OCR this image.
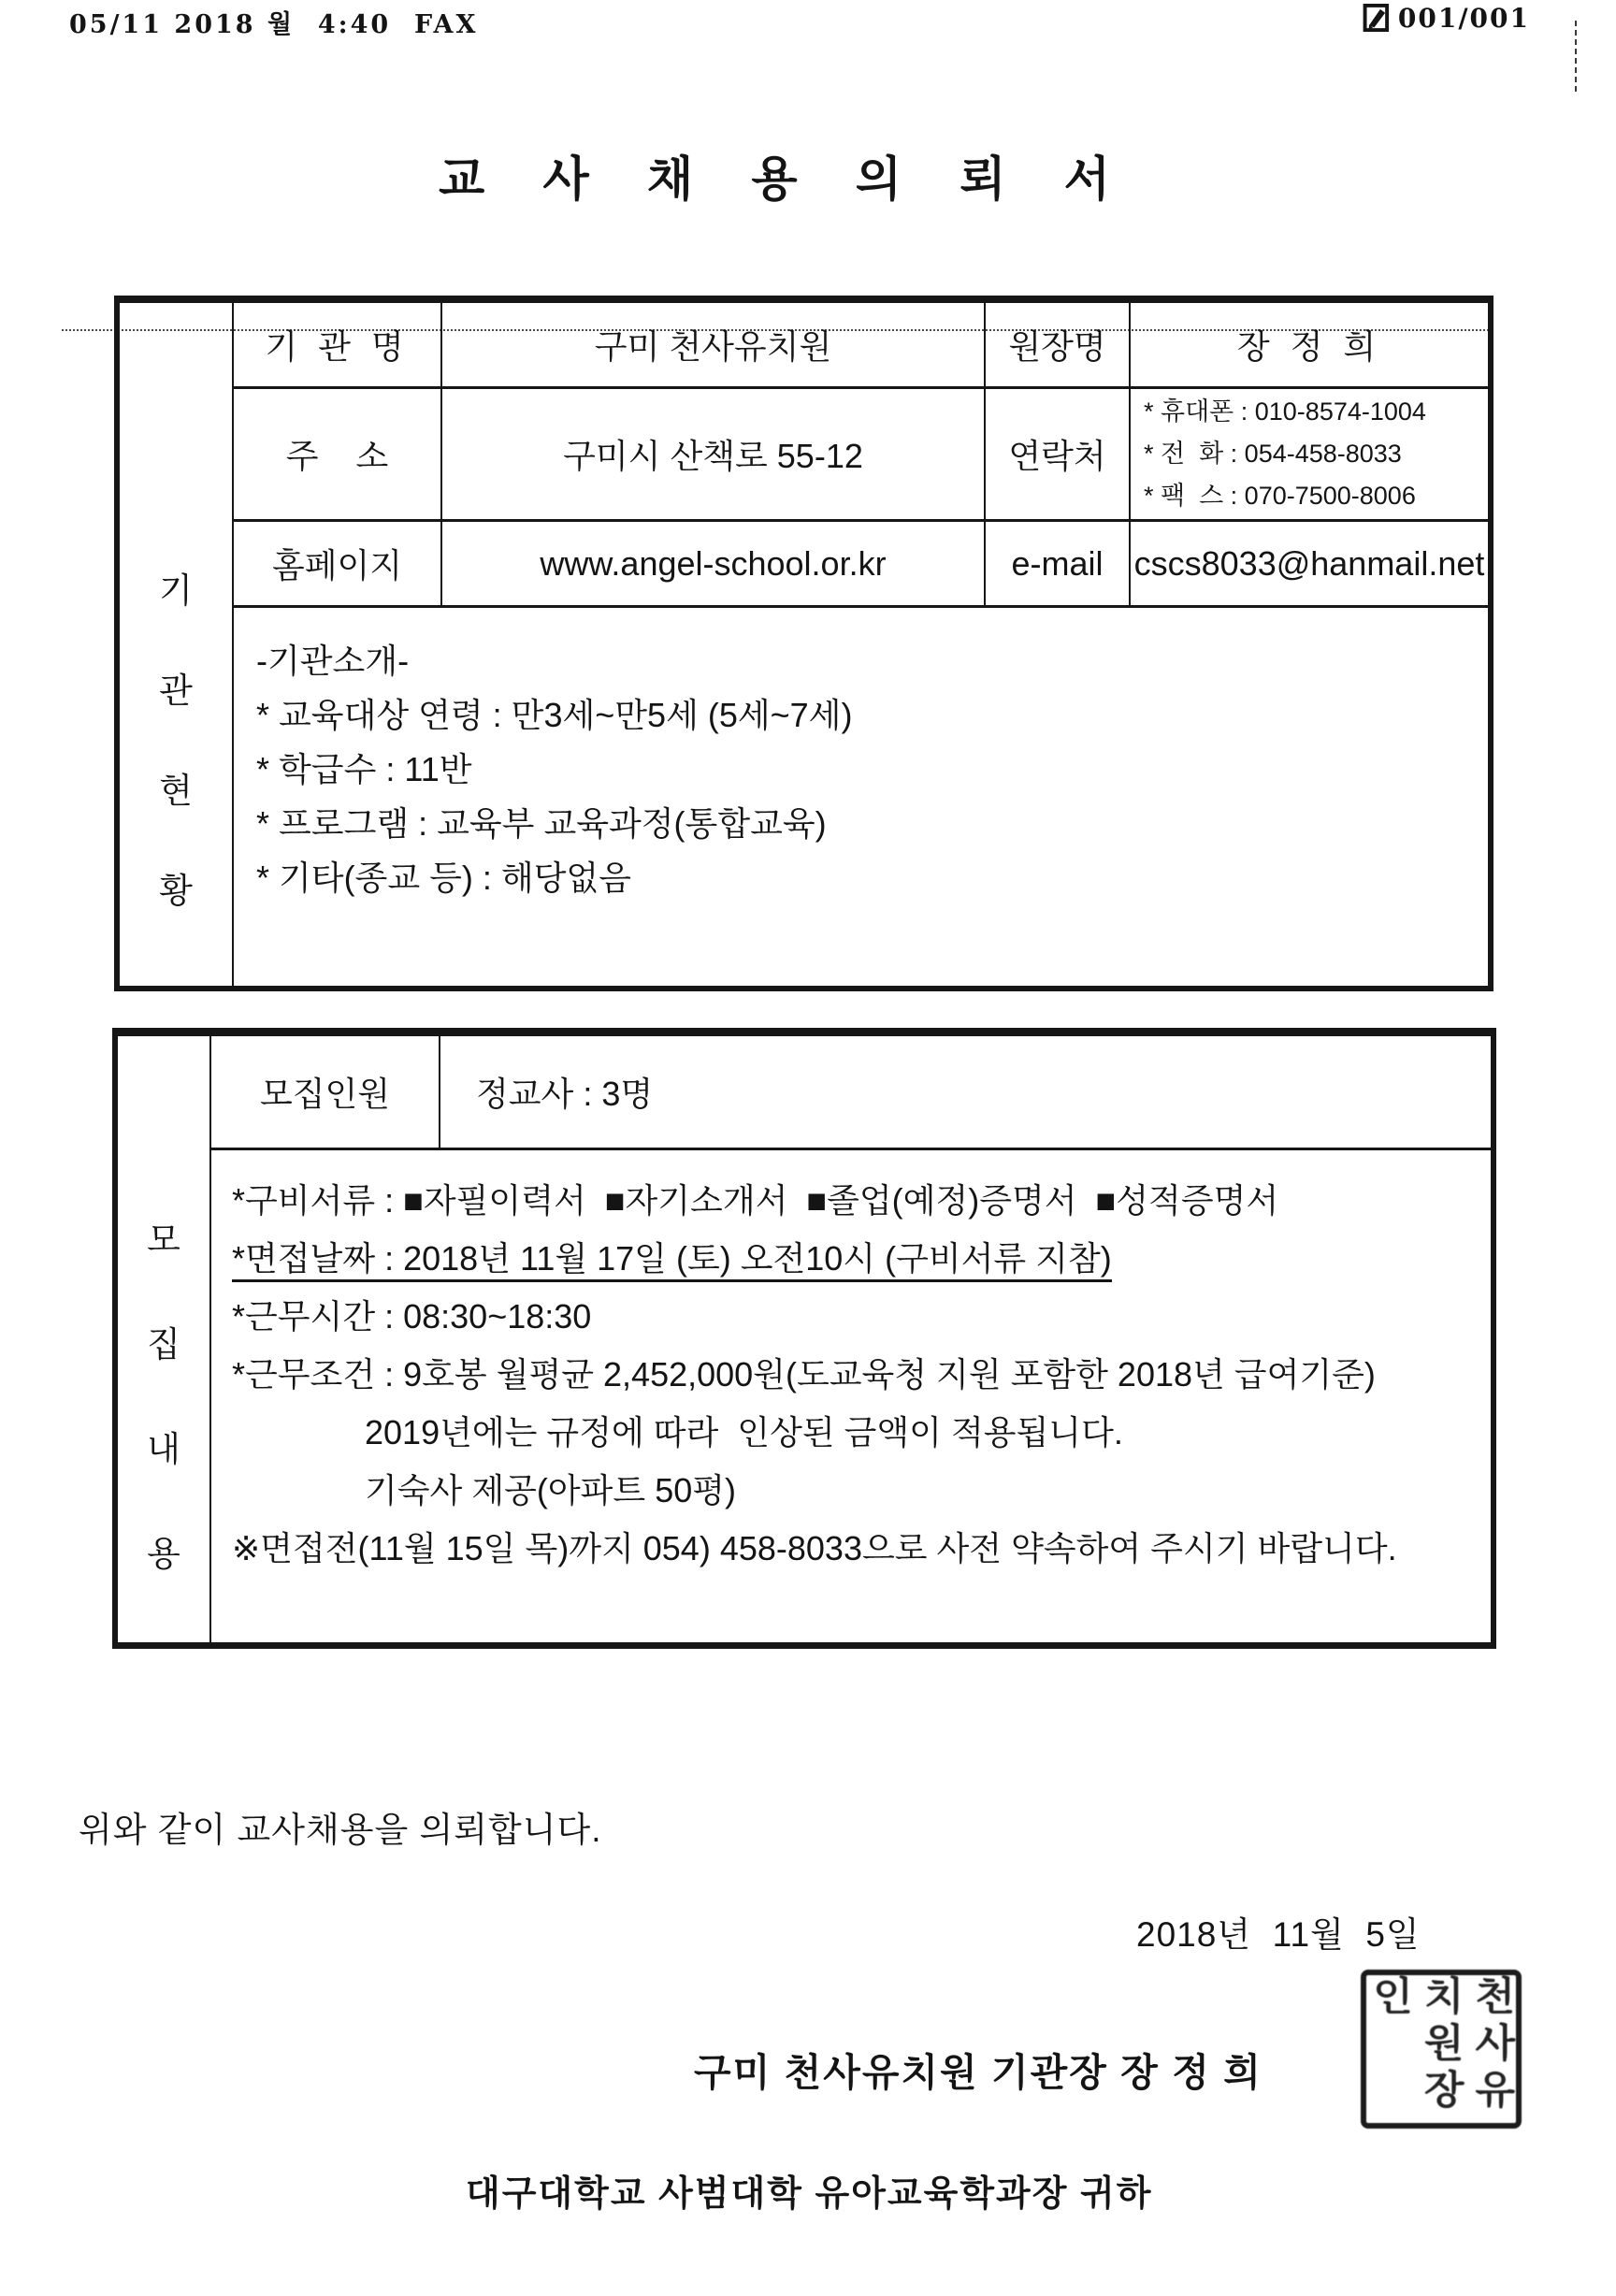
05/11 2018 월  4:40  FAX	001/001
교 사 채 용 의 뢰 서
기
관
현
황
기 관 명	구미 천사유치원	원장명	장 정 희
주    소	구미시 산책로 55-12	연락처
* 휴대폰 : 010-8574-1004
* 전  화 : 054-458-8033
* 팩  스 : 070-7500-8006
홈페이지	www.angel-school.or.kr	e-mail cscs8033@hanmail.net
-기관소개-
* 교육대상 연령 : 만3세~만5세 (5세~7세)
* 학급수 : 11반
* 프로그램 : 교육부 교육과정(통합교육)
* 기타(종교 등) : 해당없음
모
집
내
용
모집인원	정교사 : 3명
*구비서류 : ■자필이력서  ■자기소개서  ■졸업(예정)증명서  ■성적증명서
*면접날짜 : 2018년 11월 17일 (토) 오전10시 (구비서류 지참)
*근무시간 : 08:30~18:30
*근무조건 : 9호봉 월평균 2,452,000원(도교육청 지원 포함한 2018년 급여기준)
2019년에는 규정에 따라  인상된 금액이 적용됩니다.
기숙사 제공(아파트 50평)
※면접전(11월 15일 목)까지 054) 458-8033으로 사전 약속하여 주시기 바랍니다.
위와 같이 교사채용을 의뢰합니다.
2018년  11월  5일
구미 천사유치원 기관장 장 정 희	천사유치원장인
대구대학교 사범대학 유아교육학과장 귀하
